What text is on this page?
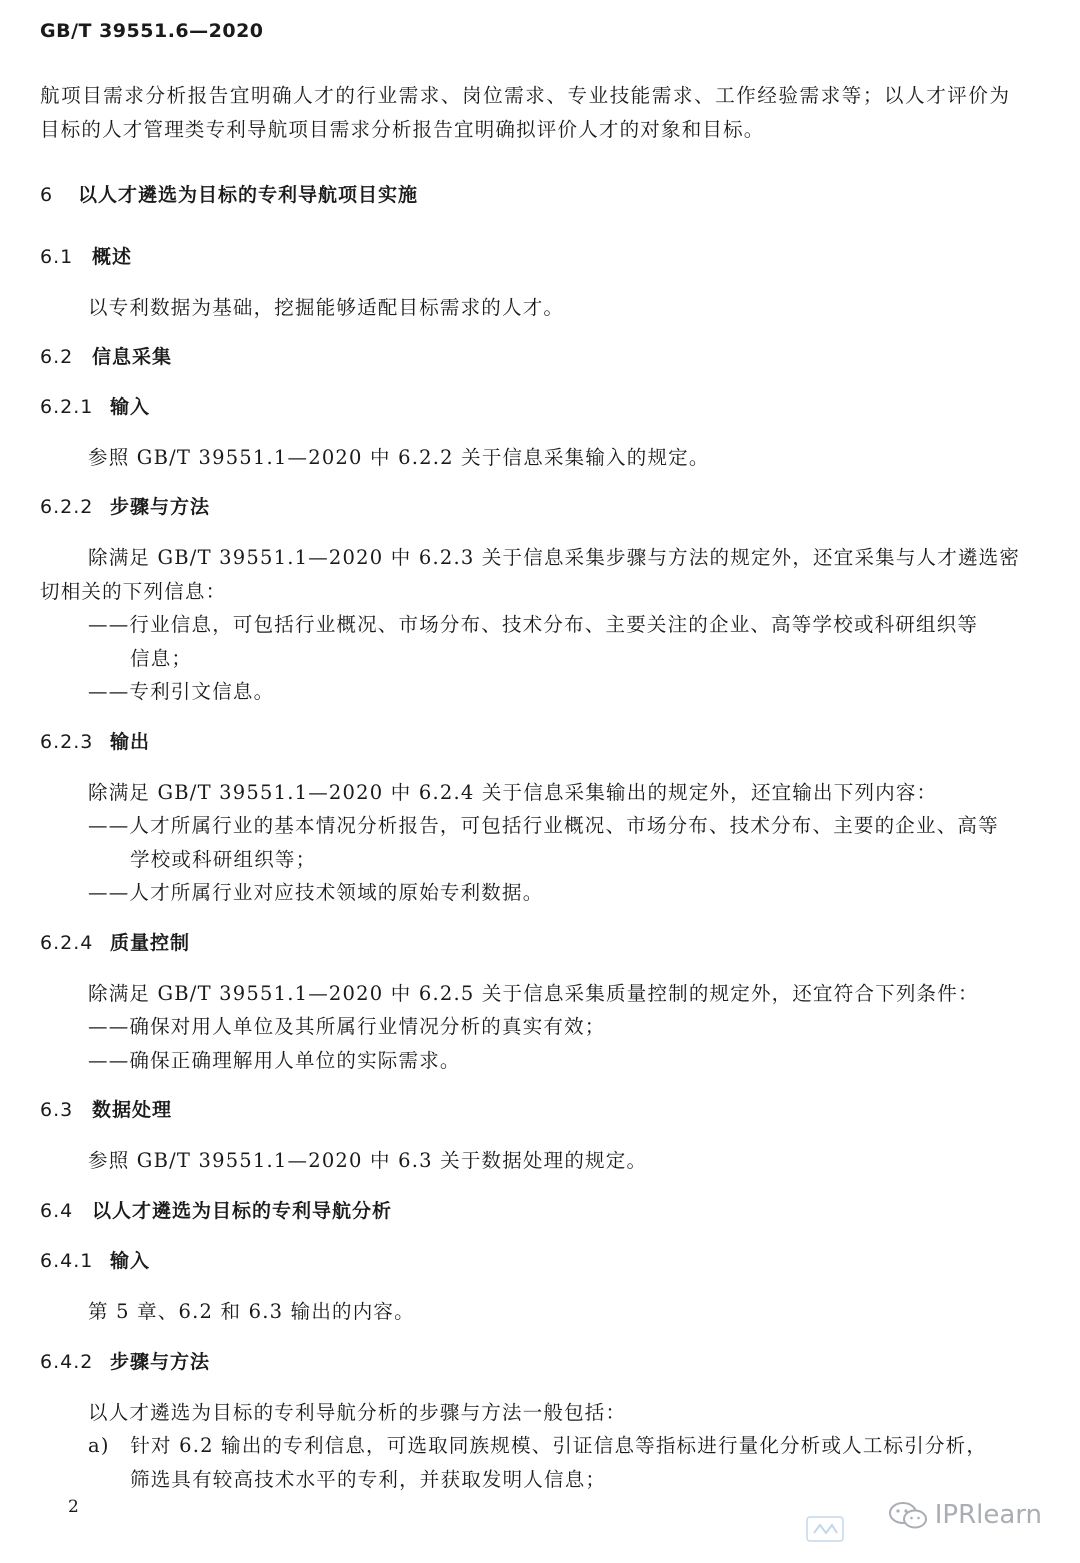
GB/T 39551.6—2020
航项目需求分析报告宜明确人才的行业需求、岗位需求、专业技能需求、工作经验需求等；以人才评价为
目标的人才管理类专利导航项目需求分析报告宜明确拟评价人才的对象和目标。
6 以人才遴选为目标的专利导航项目实施
6.1 概述
以专利数据为基础，挖掘能够适配目标需求的人才。
6.2 信息采集
6.2.1 输入
参照 GB/T 39551.1—2020 中 6.2.2 关于信息采集输入的规定。
6.2.2 步骤与方法
除满足 GB/T 39551.1—2020 中 6.2.3 关于信息采集步骤与方法的规定外，还宜采集与人才遴选密
切相关的下列信息：
——行业信息，可包括行业概况、市场分布、技术分布、主要关注的企业、高等学校或科研组织等
信息；
——专利引文信息。
6.2.3 输出
除满足 GB/T 39551.1—2020 中 6.2.4 关于信息采集输出的规定外，还宜输出下列内容：
——人才所属行业的基本情况分析报告，可包括行业概况、市场分布、技术分布、主要的企业、高等
学校或科研组织等；
——人才所属行业对应技术领域的原始专利数据。
6.2.4 质量控制
除满足 GB/T 39551.1—2020 中 6.2.5 关于信息采集质量控制的规定外，还宜符合下列条件：
——确保对用人单位及其所属行业情况分析的真实有效；
——确保正确理解用人单位的实际需求。
6.3 数据处理
参照 GB/T 39551.1—2020 中 6.3 关于数据处理的规定。
6.4 以人才遴选为目标的专利导航分析
6.4.1 输入
第 5 章、6.2 和 6.3 输出的内容。
6.4.2 步骤与方法
以人才遴选为目标的专利导航分析的步骤与方法一般包括：
a)　针对 6.2 输出的专利信息，可选取同族规模、引证信息等指标进行量化分析或人工标引分析，
筛选具有较高技术水平的专利，并获取发明人信息；
2	IPRlearn
